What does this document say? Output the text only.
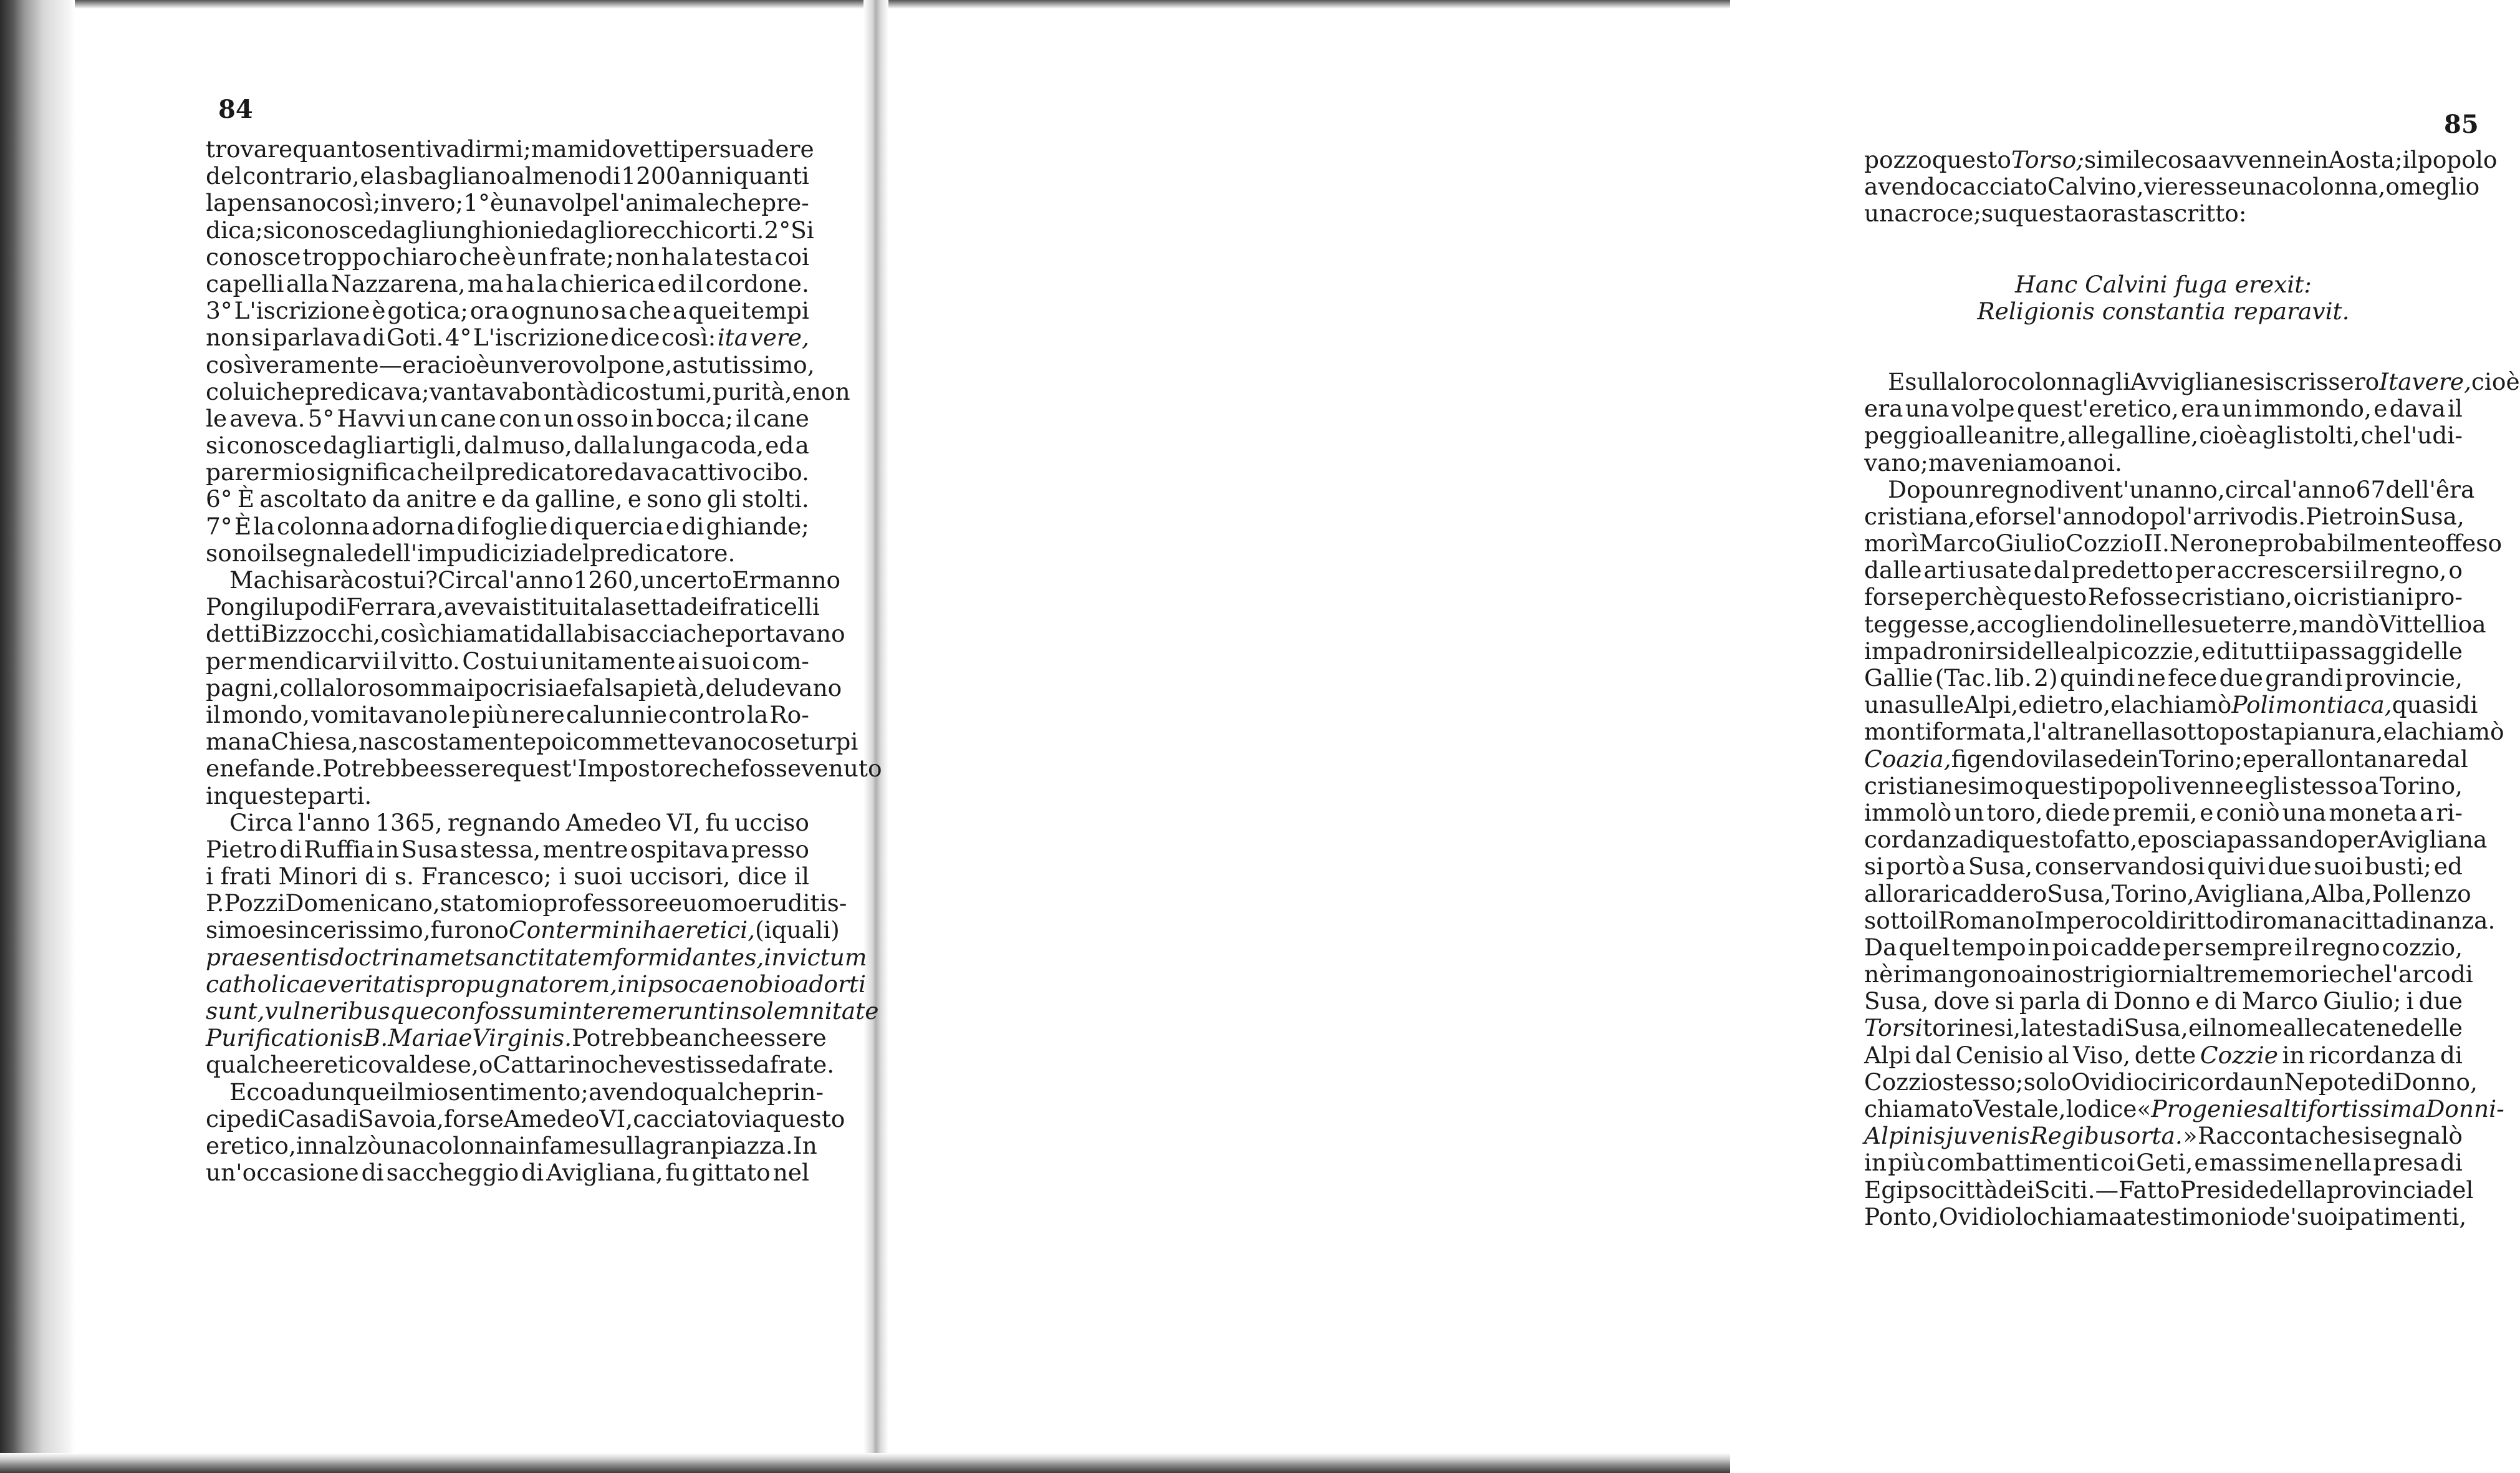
84
trovare quanto sentiva dirmi; ma mi dovetti persuadere
del contrario, e la sbagliano almeno di 1200 anni quanti
la pensano così; in vero; 1° è una volpe l'animale che pre-
dica; si conosce dagli unghioni e dagli orecchi corti. 2° Si
conosce troppo chiaro che è un frate; non ha la testa coi
capelli alla Nazzarena, ma ha la chierica ed il cordone.
3° L'iscrizione è gotica; ora ognuno sa che a quei tempi
non si parlava di Goti. 4° L'iscrizione dice così: ita vere,
così veramente — era cioè un vero volpone, astutissimo,
colui che predicava; vantava bontà di costumi, purità, e non
le aveva. 5° Havvi un cane con un osso in bocca; il cane
si conosce dagli artigli, dal muso, dalla lunga coda, ed a
parer mio significa che il predicatore dava cattivo cibo.
6° È ascoltato da anitre e da galline, e sono gli stolti.
7° È la colonna adorna di foglie di quercia e di ghiande;
sono il segnale dell'impudicizia del predicatore.
Ma chi sarà costui? Circa l'anno 1260, un certo Ermanno
Pongilupo di Ferrara, aveva istituita la setta dei fraticelli
detti Bizzocchi, così chiamati dalla bisaccia che portavano
per mendicarvi il vitto. Costui unitamente ai suoi com-
pagni, colla loro somma ipocrisia e falsa pietà, deludevano
il mondo, vomitavano le più nere calunnie contro la Ro-
mana Chiesa, nascostamente poi commettevano cose turpi
e nefande. Potrebbe essere quest'Impostore che fosse venuto
in queste parti.
Circa l'anno 1365, regnando Amedeo VI, fu ucciso
Pietro di Ruffia in Susa stessa, mentre ospitava presso
i frati Minori di s. Francesco; i suoi uccisori, dice il
P. Pozzi Domenicano, stato mio professore e uomo eruditis-
simo e sincerissimo, furono Contermini haeretici, (i quali)
praesentis doctrinam et sanctitatem formidantes, invictum
catholicae veritatis propugnatorem, in ipso caenobio adorti
sunt, vulneribusque confossum interemerunt in solemnitate
Purificationis B. Mariae Virginis. Potrebbe anche essere
qualche eretico valdese, o Cattarino che vestisse da frate.
Ecco adunque il mio sentimento; avendo qualche prin-
cipe di Casa di Savoia, forse Amedeo VI, cacciato via questo
eretico, innalzò una colonna infame sulla gran piazza. In
un'occasione di saccheggio di Avigliana, fu gittato nel
85
pozzo questo Torso; simile cosa avvenne in Aosta; il popolo
avendo cacciato Calvino, vi eresse una colonna, o meglio
una croce; su questa ora sta scritto:
Hanc Calvini fuga erexit:
Religionis constantia reparavit.
E sulla loro colonna gli Avviglianesi scrissero Itavere, cioè
era una volpe quest'eretico, era un immondo, e dava il
peggio alle anitre, alle galline, cioè agli stolti, che l'udi-
vano; ma veniamo a noi.
Dopo un regno di vent'un anno, circa l'anno 67 dell'êra
cristiana, e forse l'anno dopo l'arrivo di s. Pietro in Susa,
morì Marco Giulio Cozzio II. Nerone probabilmente offeso
dalle arti usate dal predetto per accrescersi il regno, o
forse perchè questo Re fosse cristiano, o i cristiani pro-
teggesse, accogliendoli nelle sue terre, mandò Vittellio a
impadronirsi delle alpi cozzie, e di tutti i passaggi delle
Gallie (Tac. lib. 2) quindi ne fece due grandi provincie,
una sulle Alpi, e dietro, e la chiamò Polimontiaca, quasi di
monti formata, l'altra nella sottoposta pianura, e la chiamò
Coazia, figendovi la sede in Torino; e per allontanare dal
cristianesimo questi popoli venne egli stesso a Torino,
immolò un toro, diede premii, e coniò una moneta a ri-
cordanza di questo fatto, e poscia passando per Avigliana
si portò a Susa, conservandosi quivi due suoi busti; ed
allora ricaddero Susa, Torino, Avigliana, Alba, Pollenzo
sotto il Romano Impero col diritto di romana cittadinanza.
Da quel tempo in poi cadde per sempre il regno cozzio,
nè rimangono ai nostri giorni altre memorie che l'arco di
Susa, dove si parla di Donno e di Marco Giulio; i due
Torsi torinesi, la testa di Susa, e il nome alle catene delle
Alpi dal Cenisio al Viso, dette Cozzie in ricordanza di
Cozzio stesso; solo Ovidio ci ricorda un Nepote di Donno,
chiamato Vestale, lo dice « Progenies alti fortissima Donni-
Alpinis juvenis Regibus orta. » Racconta che si segnalò
in più combattimenti coi Geti, e massime nella presa di
Egipso città dei Sciti. — Fatto Preside della provincia del
Ponto, Ovidio lo chiama a testimonio de' suoi patimenti,
